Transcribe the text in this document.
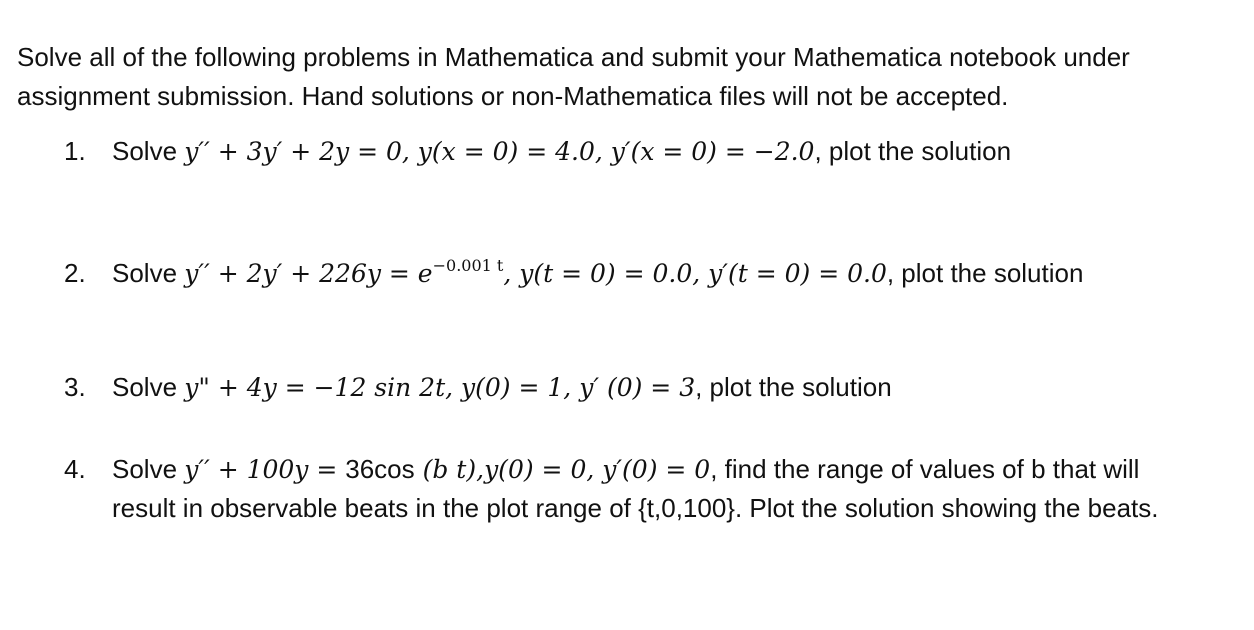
Solve all of the following problems in Mathematica and submit your Mathematica notebook under assignment submission. Hand solutions or non-Mathematica files will not be accepted.
1. Solve y′′ + 3y′ + 2y = 0, y(x = 0) = 4.0, y′(x = 0) = −2.0, plot the solution
2. Solve $y'' + 2y' + 226y = e^{-0.001 t}$, y(t = 0) = 0.0, y′(t = 0) = 0.0, plot the solution
3. Solve y" + 4y = −12 sin 2t, y(0) = 1, y′ (0) = 3, plot the solution
4. Solve y′′ + 100y = 36cos (b t),y(0) = 0, y′(0) = 0, find the range of values of b that will
result in observable beats in the plot range of {t,0,100}. Plot the solution showing the beats.
